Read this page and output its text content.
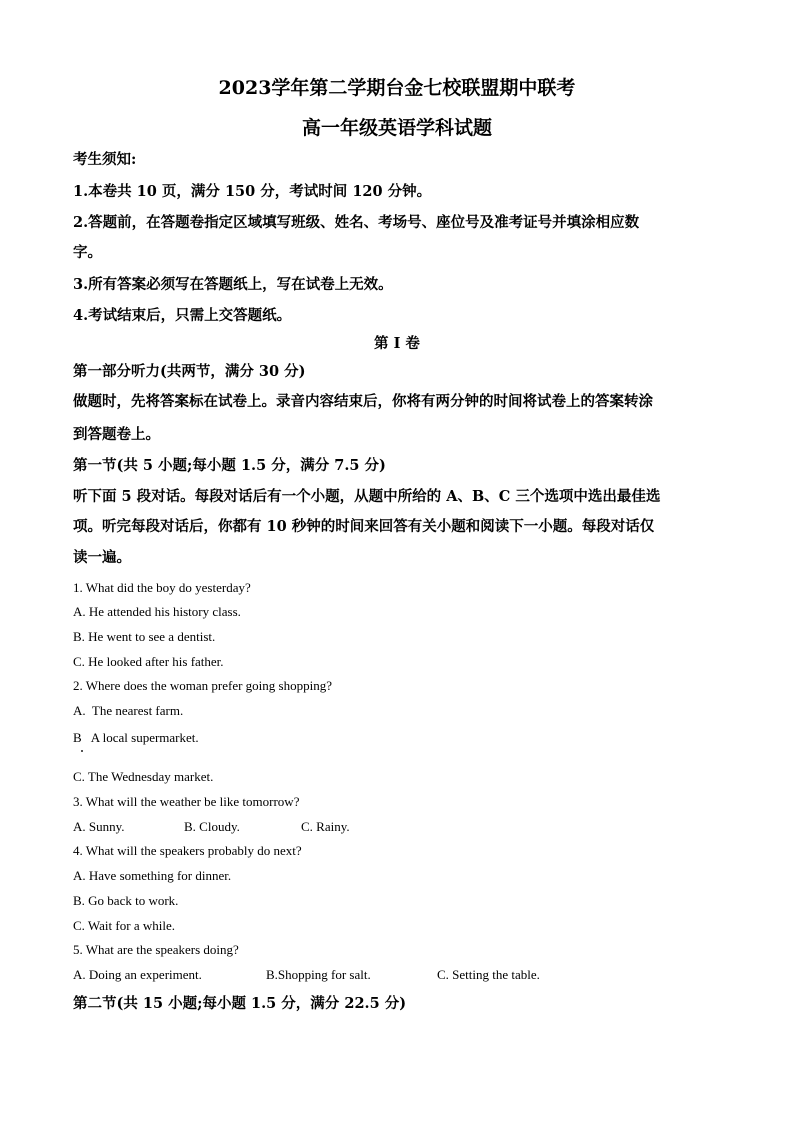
2023学年第二学期台金七校联盟期中联考
高一年级英语学科试题
考生须知:
1.本卷共 10 页，满分 150 分，考试时间 120 分钟。
2.答题前，在答题卷指定区域填写班级、姓名、考场号、座位号及准考证号并填涂相应数
字。
3.所有答案必须写在答题纸上，写在试卷上无效。
4.考试结束后，只需上交答题纸。
第 I 卷
第一部分听力(共两节，满分 30 分)
做题时，先将答案标在试卷上。录音内容结束后，你将有两分钟的时间将试卷上的答案转涂
到答题卷上。
第一节(共 5 小题;每小题 1.5 分，满分 7.5 分)
听下面 5 段对话。每段对话后有一个小题，从题中所给的 A、B、C 三个选项中选出最佳选
项。听完每段对话后，你都有 10 秒钟的时间来回答有关小题和阅读下一小题。每段对话仅
读一遍。
1. What did the boy do yesterday?
A. He attended his history class.
B. He went to see a dentist.
C. He looked after his father.
2. Where does the woman prefer going shopping?
A.  The nearest farm.
B   A local supermarket.
C. The Wednesday market.
3. What will the weather be like tomorrow?
A. Sunny.	B. Cloudy.	C. Rainy.
4. What will the speakers probably do next?
A. Have something for dinner.
B. Go back to work.
C. Wait for a while.
5. What are the speakers doing?
A. Doing an experiment.	B.Shopping for salt.	C. Setting the table.
第二节(共 15 小题;每小题 1.5 分，满分 22.5 分)
